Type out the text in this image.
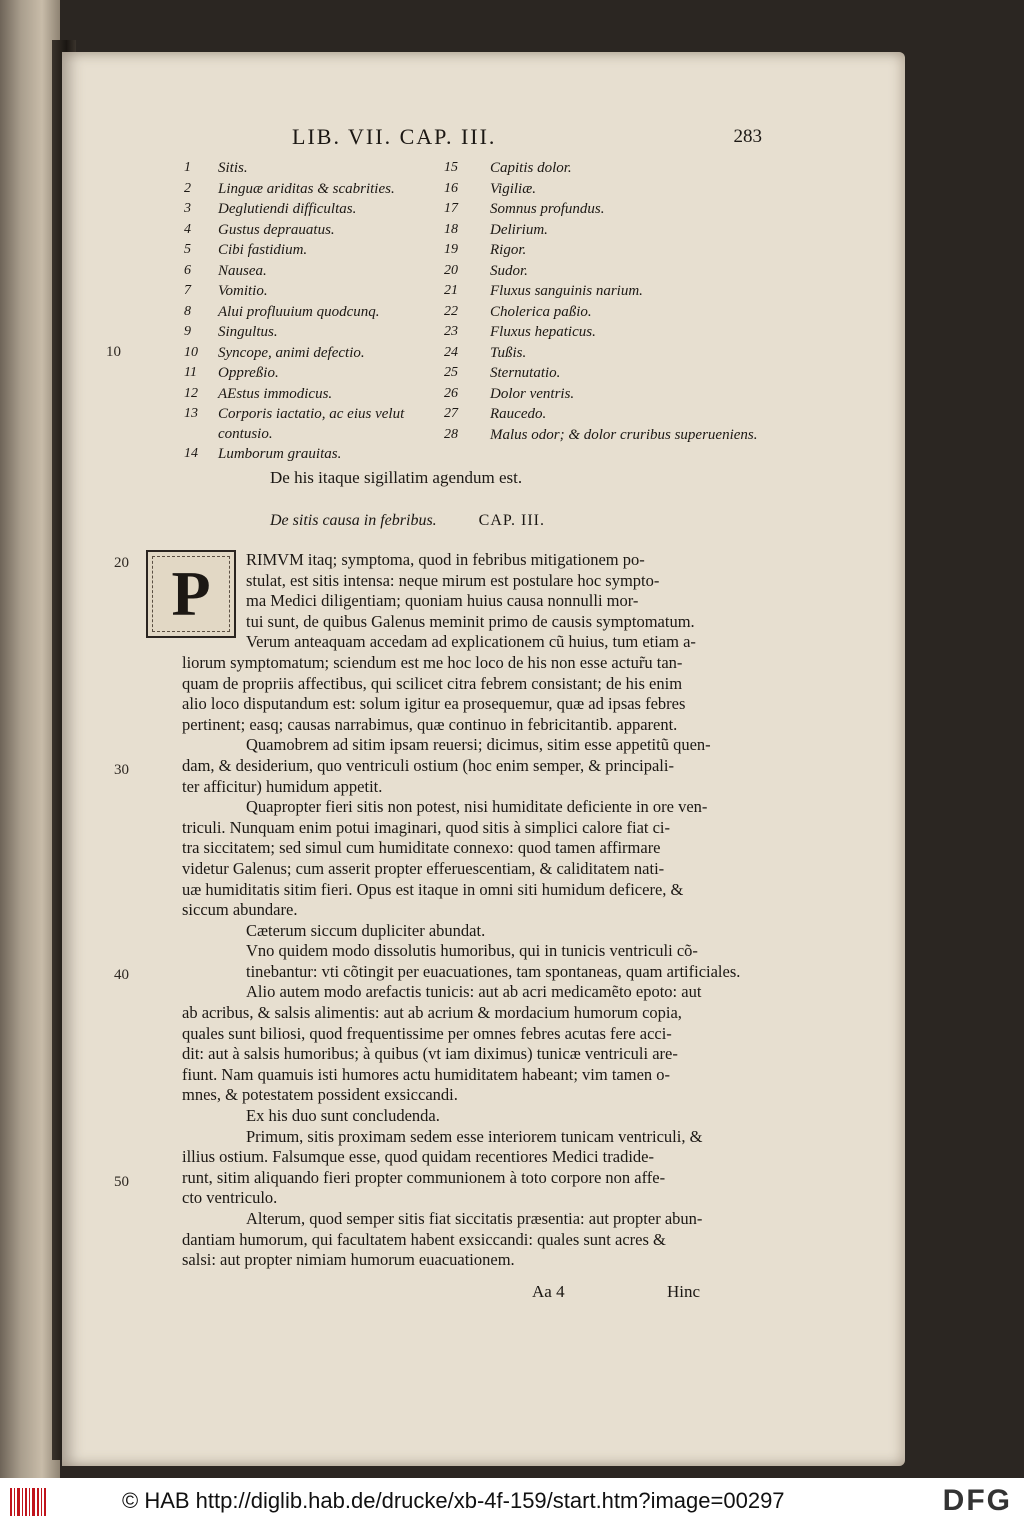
LIB. VII. CAP. III.	283
1	Sitis.
2	Linguæ ariditas & scabrities.
3	Deglutiendi difficultas.
4	Gustus deprauatus.
5	Cibi fastidium.
6	Nausea.
7	Vomitio.
8	Alui profluuium quodcunq.
9	Singultus.
10	Syncope, animi defectio.
11	Oppreßio.
12	AEstus immodicus.
13	Corporis iactatio, ac eius velut contusio.
14	Lumborum grauitas.
15	Capitis dolor.
16	Vigiliæ.
17	Somnus profundus.
18	Delirium.
19	Rigor.
20	Sudor.
21	Fluxus sanguinis narium.
22	Cholerica paßio.
23	Fluxus hepaticus.
24	Tußis.
25	Sternutatio.
26	Dolor ventris.
27	Raucedo.
28	Malus odor; & dolor cruribus superueniens.
10
20
30
40
50
De his itaque sigillatim agendum est.
De sitis causa in febribus.	CAP. III.
P	RIMVM itaq; symptoma, quod in febribus mitigationem po-
stulat, est sitis intensa: neque mirum est postulare hoc sympto-
ma Medici diligentiam; quoniam huius causa nonnulli mor-
tui sunt, de quibus Galenus meminit primo de causis symptomatum.
Verum anteaquam accedam ad explicationem cũ huius, tum etiam a-
liorum symptomatum; sciendum est me hoc loco de his non esse actur̃u tan-
quam de propriis affectibus, qui scilicet citra febrem consistant; de his enim
alio loco disputandum est: solum igitur ea prosequemur, quæ ad ipsas febres
pertinent; easq; causas narrabimus, quæ continuo in febricitantib. apparent.
Quamobrem ad sitim ipsam reuersi; dicimus, sitim esse appetitũ quen-
dam, & desiderium, quo ventriculi ostium (hoc enim semper, & principali-
ter afficitur) humidum appetit.
Quapropter fieri sitis non potest, nisi humiditate deficiente in ore ven-
triculi. Nunquam enim potui imaginari, quod sitis à simplici calore fiat ci-
tra siccitatem; sed simul cum humiditate connexo: quod tamen affirmare
videtur Galenus; cum asserit propter efferuescentiam, & caliditatem nati-
uæ humiditatis sitim fieri. Opus est itaque in omni siti humidum deficere, &
siccum abundare.
Cæterum siccum dupliciter abundat.
Vno quidem modo dissolutis humoribus, qui in tunicis ventriculi cõ-
tinebantur: vti cõtingit per euacuationes, tam spontaneas, quam artificiales.
Alio autem modo arefactis tunicis: aut ab acri medicamẽto epoto: aut
ab acribus, & salsis alimentis: aut ab acrium & mordacium humorum copia,
quales sunt biliosi, quod frequentissime per omnes febres acutas fere acci-
dit: aut à salsis humoribus; à quibus (vt iam diximus) tunicæ ventriculi are-
fiunt. Nam quamuis isti humores actu humiditatem habeant; vim tamen o-
mnes, & potestatem possident exsiccandi.
Ex his duo sunt concludenda.
Primum, sitis proximam sedem esse interiorem tunicam ventriculi, &
illius ostium. Falsumque esse, quod quidam recentiores Medici tradide-
runt, sitim aliquando fieri propter communionem à toto corpore non affe-
cto ventriculo.
Alterum, quod semper sitis fiat siccitatis præsentia: aut propter abun-
dantiam humorum, qui facultatem habent exsiccandi: quales sunt acres &
salsi: aut propter nimiam humorum euacuationem.
Aa 4	Hinc
© HAB http://diglib.hab.de/drucke/xb-4f-159/start.htm?image=00297	DFG
